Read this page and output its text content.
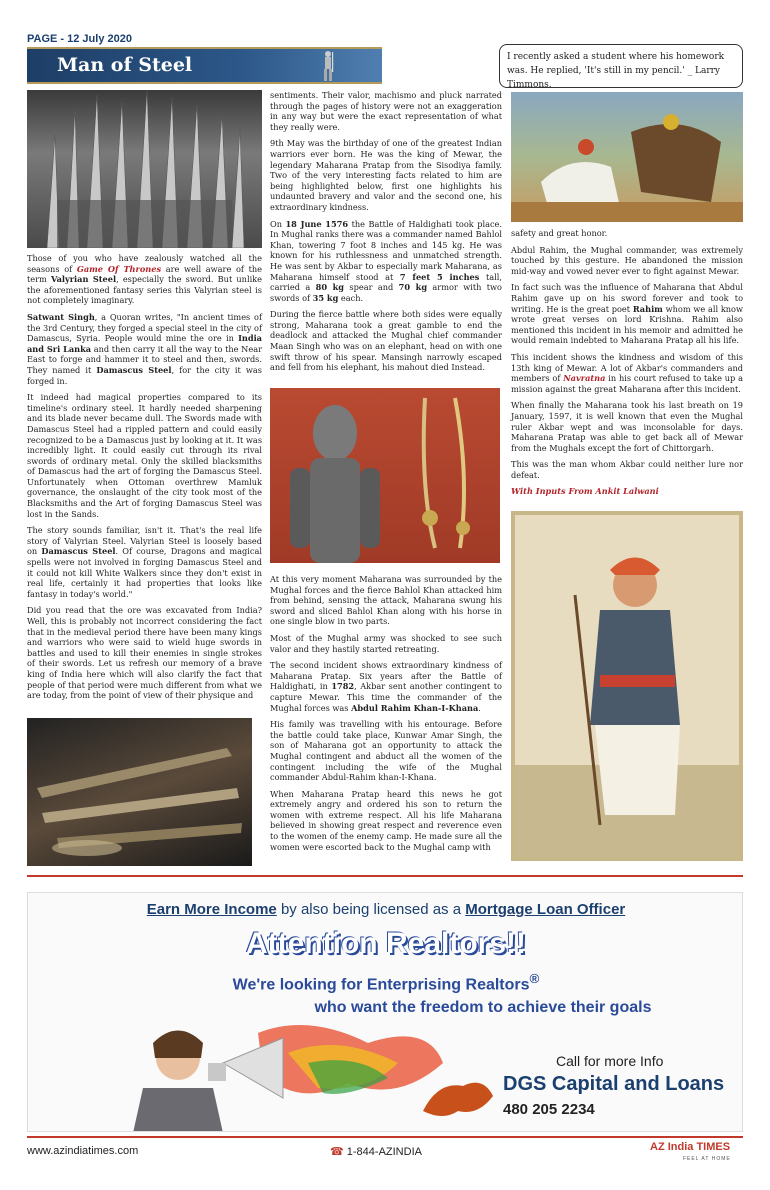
PAGE - 12 July 2020
Man of Steel	I recently asked a student where his homework was. He replied, 'It's still in my pencil.' _ Larry Timmons.

Those of you who have zealously watched all the seasons of Game Of Thrones are well aware of the term Valyrian Steel, especially the sword. But unlike the aforementioned fantasy series this Valyrian steel is not completely imaginary.

Satwant Singh, a Quoran writes, "In ancient times of the 3rd Century, they forged a special steel in the city of Damascus, Syria. People would mine the ore in India and Sri Lanka and then carry it all the way to the Near East to forge and hammer it to steel and then, swords. They named it Damascus Steel, for the city it was forged in.

It indeed had magical properties compared to its timeline's ordinary steel. It hardly needed sharpening and its blade never became dull. The Swords made with Damascus Steel had a rippled pattern and could easily recognized to be a Damascus just by looking at it. It was incredibly light. It could easily cut through its rival swords of ordinary metal. Only the skilled blacksmiths of Damascus had the art of forging the Damascus Steel. Unfortunately when Ottoman overthrew Mamluk governance, the onslaught of the city took most of the Blacksmiths and the Art of forging Damascus Steel was lost in the Sands.

The story sounds familiar, isn't it. That's the real life story of Valyrian Steel. Valyrian Steel is loosely based on Damascus Steel. Of course, Dragons and magical spells were not involved in forging Damascus Steel and it could not kill White Walkers since they don't exist in real life, certainly it had properties that looks like fantasy in today's world."

Did you read that the ore was excavated from India? Well, this is probably not incorrect considering the fact that in the medieval period there have been many kings and warriors who were said to wield huge swords in battles and used to kill their enemies in single strokes of their swords. Let us refresh our memory of a brave king of India here which will also clarify the fact that people of that period were much different from what we are today, from the point of view of their physique and

sentiments. Their valor, machismo and pluck narrated through the pages of history were not an exaggeration in any way but were the exact representation of what they really were.

9th May was the birthday of one of the greatest Indian warriors ever born. He was the king of Mewar, the legendary Maharana Pratap from the Sisodiya family. Two of the very interesting facts related to him are being highlighted below, first one highlights his undaunted bravery and valor and the second one, his extraordinary kindness.

On 18 June 1576 the Battle of Haldighati took place. In Mughal ranks there was a commander named Bahlol Khan, towering 7 foot 8 inches and 145 kg. He was known for his ruthlessness and unmatched strength. He was sent by Akbar to especially mark Maharana, as Maharana himself stood at 7 feet 5 inches tall, carried a 80 kg spear and 70 kg armor with two swords of 35 kg each.

During the fierce battle where both sides were equally strong, Maharana took a great gamble to end the deadlock and attacked the Mughal chief commander Maan Singh who was on an elephant, head on with one swift throw of his spear. Mansingh narrowly escaped and fell from his elephant, his mahout died Instead.

At this very moment Maharana was surrounded by the Mughal forces and the fierce Bahlol Khan attacked him from behind, sensing the attack, Maharana swung his sword and sliced Bahlol Khan along with his horse in one single blow in two parts.

Most of the Mughal army was shocked to see such valor and they hastily started retreating.

The second incident shows extraordinary kindness of Maharana Pratap. Six years after the Battle of Haldighati, in 1782, Akbar sent another contingent to capture Mewar. This time the commander of the Mughal forces was Abdul Rahim Khan-I-Khana.

His family was travelling with his entourage. Before the battle could take place, Kunwar Amar Singh, the son of Maharana got an opportunity to attack the Mughal contingent and abduct all the women of the contingent including the wife of the Mughal commander Abdul-Rahim khan-I-Khana.

When Maharana Pratap heard this news he got extremely angry and ordered his son to return the women with extreme respect. All his life Maharana believed in showing great respect and reverence even to the women of the enemy camp. He made sure all the women were escorted back to the Mughal camp with

safety and great honor.

Abdul Rahim, the Mughal commander, was extremely touched by this gesture. He abandoned the mission mid-way and vowed never ever to fight against Mewar.

In fact such was the influence of Maharana that Abdul Rahim gave up on his sword forever and took to writing. He is the great poet Rahim whom we all know wrote great verses on lord Krishna. Rahim also mentioned this incident in his memoir and admitted he would remain indebted to Maharana Pratap all his life.

This incident shows the kindness and wisdom of this 13th king of Mewar. A lot of Akbar's commanders and members of Navratna in his court refused to take up a mission against the great Maharana after this incident.

When finally the Maharana took his last breath on 19 January, 1597, it is well known that even the Mughal ruler Akbar wept and was inconsolable for days. Maharana Pratap was able to get back all of Mewar from the Mughals except the fort of Chittorgarh.

This was the man whom Akbar could neither lure nor defeat.

With Inputs From Ankit Lalwani

Earn More Income by also being licensed as a Mortgage Loan Officer
Attention Realtors!!
We're looking for Enterprising Realtors®
who want the freedom to achieve their goals
Call for more Info
DGS Capital and Loans
480 205 2234
www.azindiatimes.com	☎ 1-844-AZINDIA	AZ India TIMES
FEEL AT HOME
